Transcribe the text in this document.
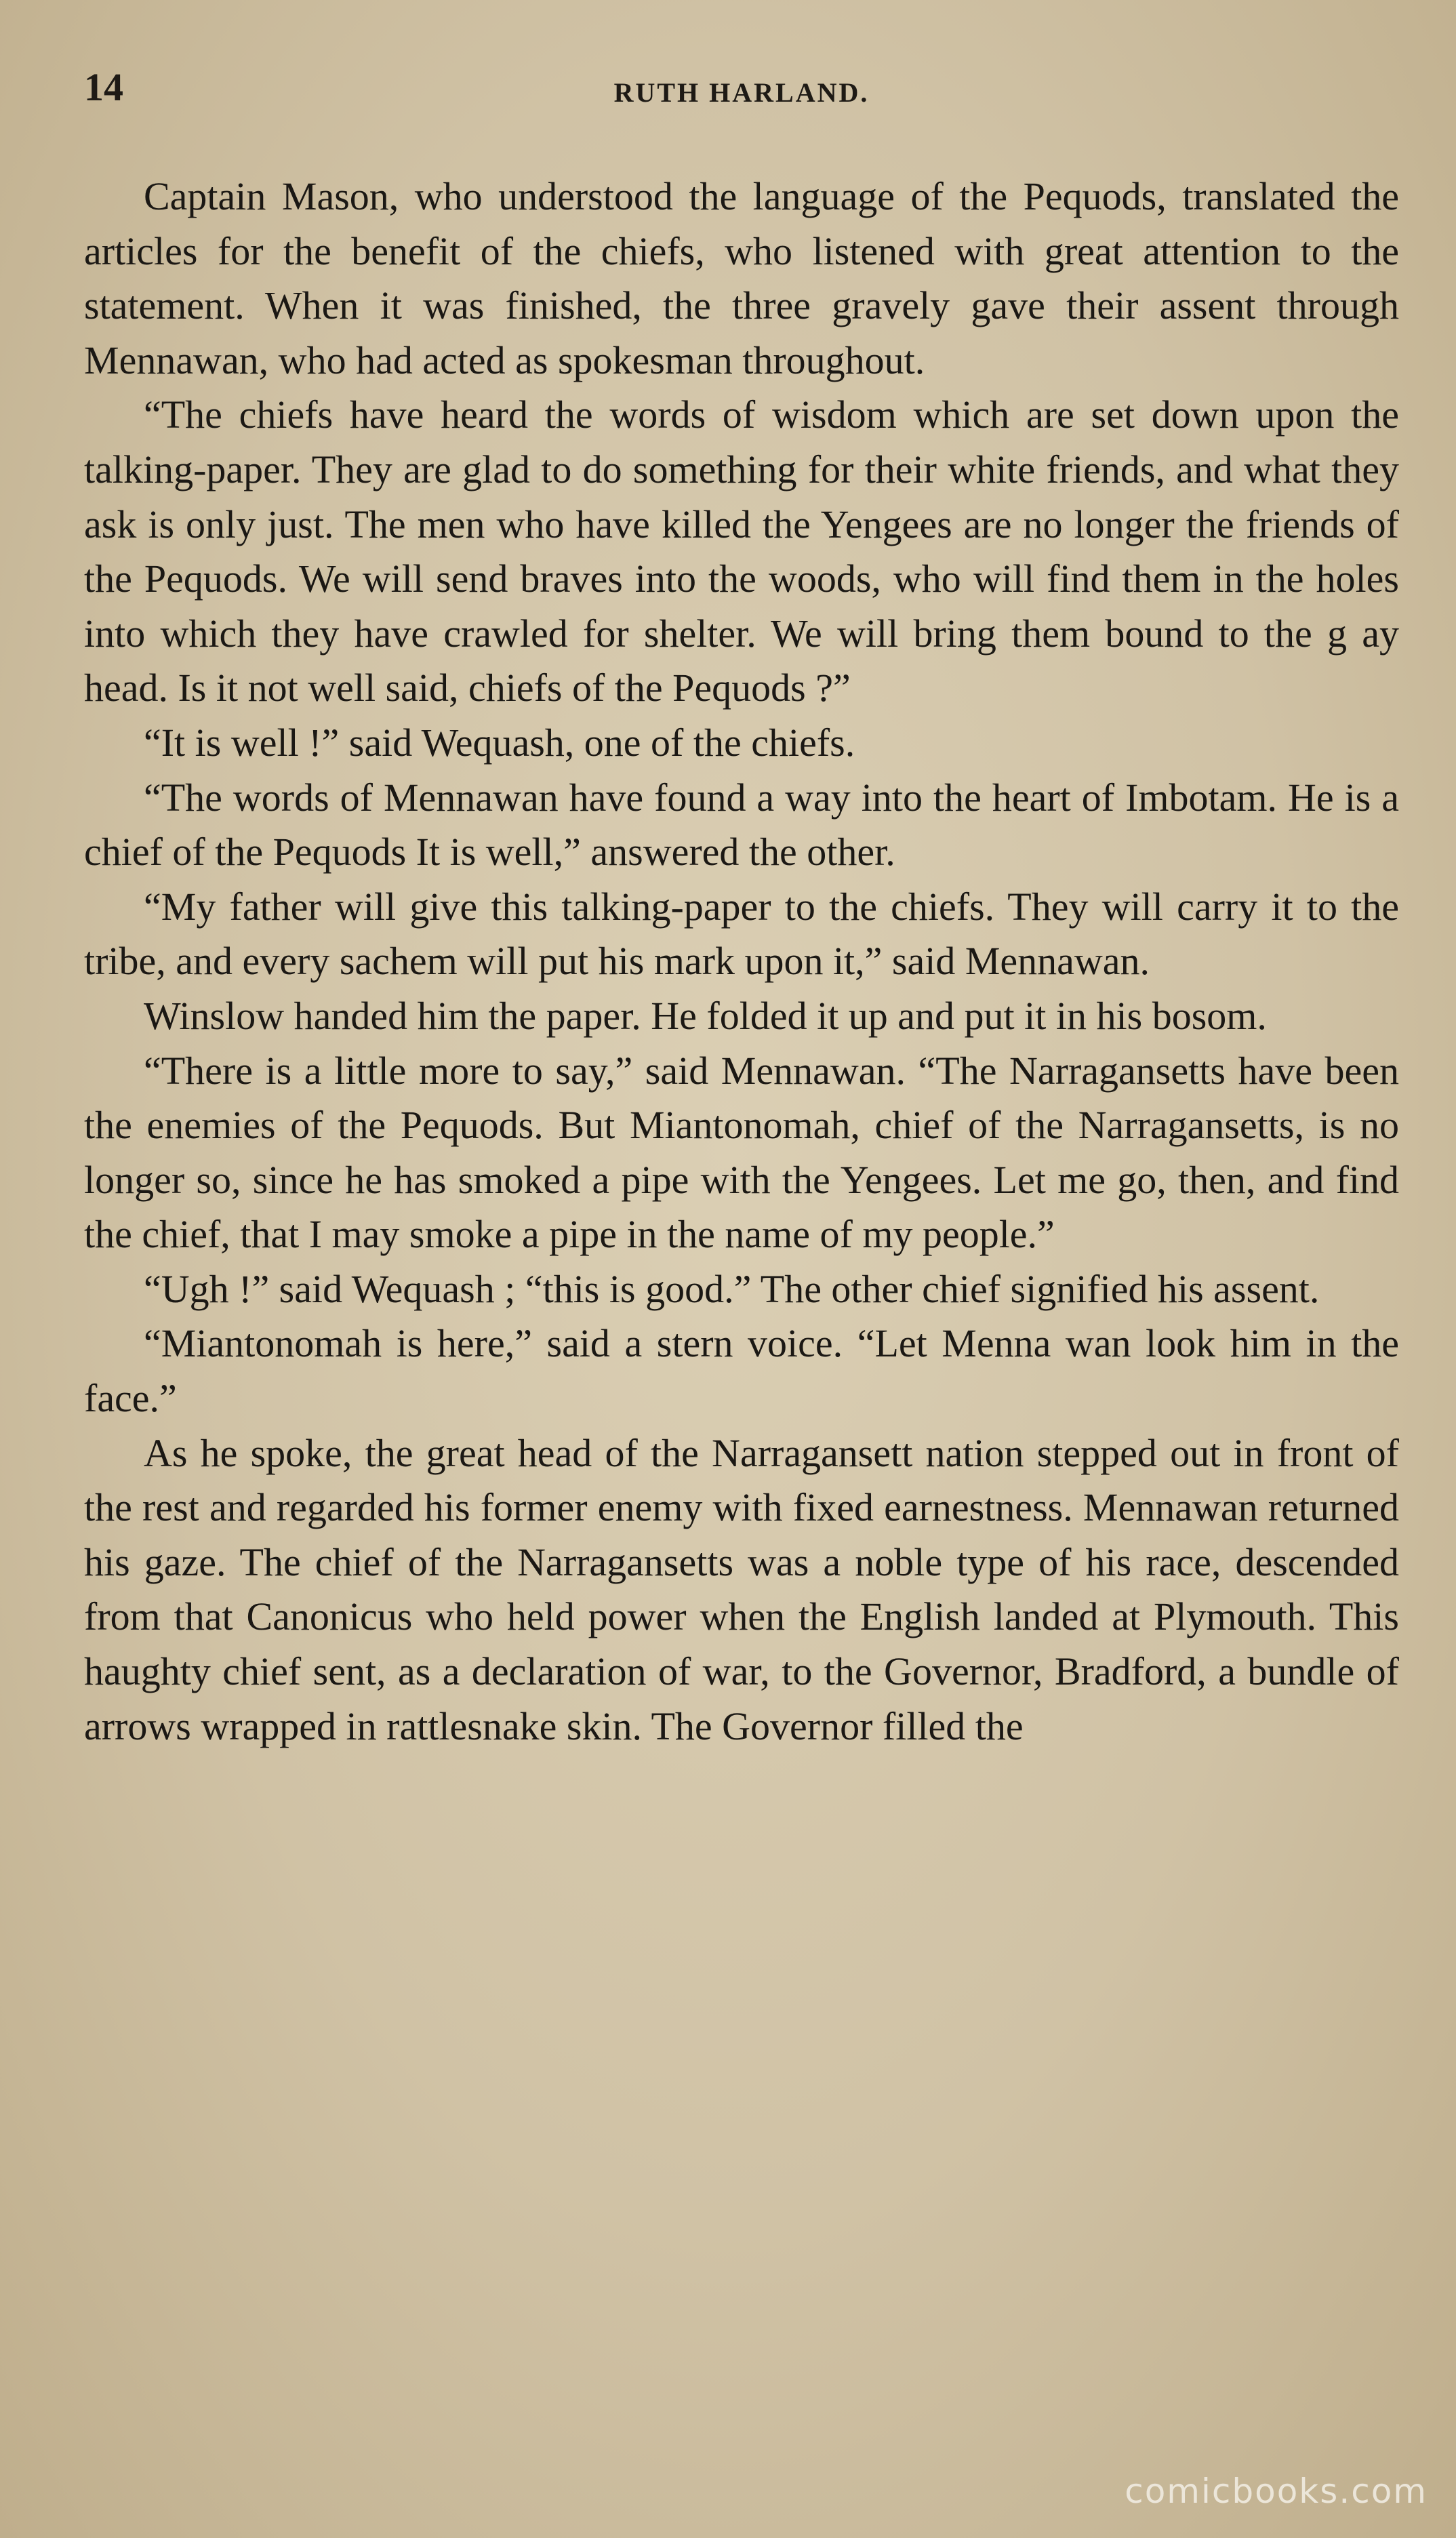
14	RUTH HARLAND.

Captain Mason, who understood the language of the Pequods, translated the articles for the benefit of the chiefs, who listened with great attention to the statement. When it was finished, the three gravely gave their assent through Mennawan, who had acted as spokesman throughout.

“The chiefs have heard the words of wisdom which are set down upon the talking-paper. They are glad to do something for their white friends, and what they ask is only just. The men who have killed the Yengees are no longer the friends of the Pequods. We will send braves into the woods, who will find them in the holes into which they have crawled for shelter. We will bring them bound to the g ay head. Is it not well said, chiefs of the Pequods ?”

“It is well !” said Wequash, one of the chiefs.

“The words of Mennawan have found a way into the heart of Imbotam. He is a chief of the Pequods It is well,” answered the other.

“My father will give this talking-paper to the chiefs. They will carry it to the tribe, and every sachem will put his mark upon it,” said Mennawan.

Winslow handed him the paper. He folded it up and put it in his bosom.

“There is a little more to say,” said Mennawan. “The Narragansetts have been the enemies of the Pequods. But Miantonomah, chief of the Narragansetts, is no longer so, since he has smoked a pipe with the Yengees. Let me go, then, and find the chief, that I may smoke a pipe in the name of my people.”

“Ugh !” said Wequash ; “this is good.” The other chief signified his assent.

“Miantonomah is here,” said a stern voice. “Let Menna wan look him in the face.”

As he spoke, the great head of the Narragansett nation stepped out in front of the rest and regarded his former enemy with fixed earnestness. Mennawan returned his gaze. The chief of the Narragansetts was a noble type of his race, descended from that Canonicus who held power when the English landed at Plymouth. This haughty chief sent, as a declaration of war, to the Governor, Bradford, a bundle of arrows wrapped in rattlesnake skin. The Governor filled the

comicbooks.com
